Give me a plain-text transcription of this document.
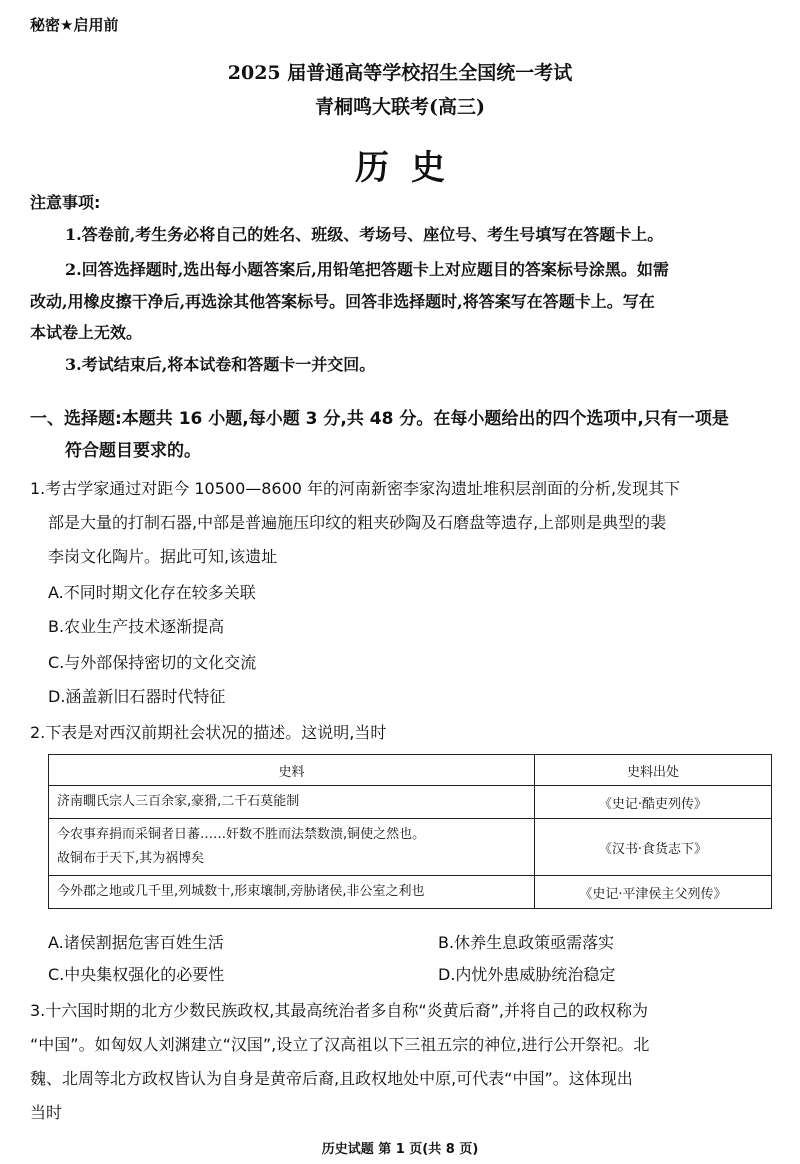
秘密★启用前
2025 届普通高等学校招生全国统一考试
青桐鸣大联考(高三)
历史
注意事项:
1.答卷前,考生务必将自己的姓名、班级、考场号、座位号、考生号填写在答题卡上。
2.回答选择题时,选出每小题答案后,用铅笔把答题卡上对应题目的答案标号涂黑。如需
改动,用橡皮擦干净后,再选涂其他答案标号。回答非选择题时,将答案写在答题卡上。写在
本试卷上无效。
3.考试结束后,将本试卷和答题卡一并交回。
一、选择题:本题共 16 小题,每小题 3 分,共 48 分。在每小题给出的四个选项中,只有一项是
符合题目要求的。
1.考古学家通过对距今 10500—8600 年的河南新密李家沟遗址堆积层剖面的分析,发现其下
部是大量的打制石器,中部是普遍施压印纹的粗夹砂陶及石磨盘等遗存,上部则是典型的裴
李岗文化陶片。据此可知,该遗址
A.不同时期文化存在较多关联
B.农业生产技术逐渐提高
C.与外部保持密切的文化交流
D.涵盖新旧石器时代特征
2.下表是对西汉前期社会状况的描述。这说明,当时
史料	史料出处
济南瞯氏宗人三百余家,豪猾,二千石莫能制	《史记·酷吏列传》
今农事弃捐而采铜者日蕃……奸数不胜而法禁数溃,铜使之然也。
故铜布于天下,其为祸博矣	《汉书·食货志下》
今外郡之地或几千里,列城数十,形束壤制,旁胁诸侯,非公室之利也	《史记·平津侯主父列传》
A.诸侯割据危害百姓生活	B.休养生息政策亟需落实
C.中央集权强化的必要性	D.内忧外患威胁统治稳定
3.十六国时期的北方少数民族政权,其最高统治者多自称“炎黄后裔”,并将自己的政权称为
“中国”。如匈奴人刘渊建立“汉国”,设立了汉高祖以下三祖五宗的神位,进行公开祭祀。北
魏、北周等北方政权皆认为自身是黄帝后裔,且政权地处中原,可代表“中国”。这体现出
当时
历史试题 第 1 页(共 8 页)
